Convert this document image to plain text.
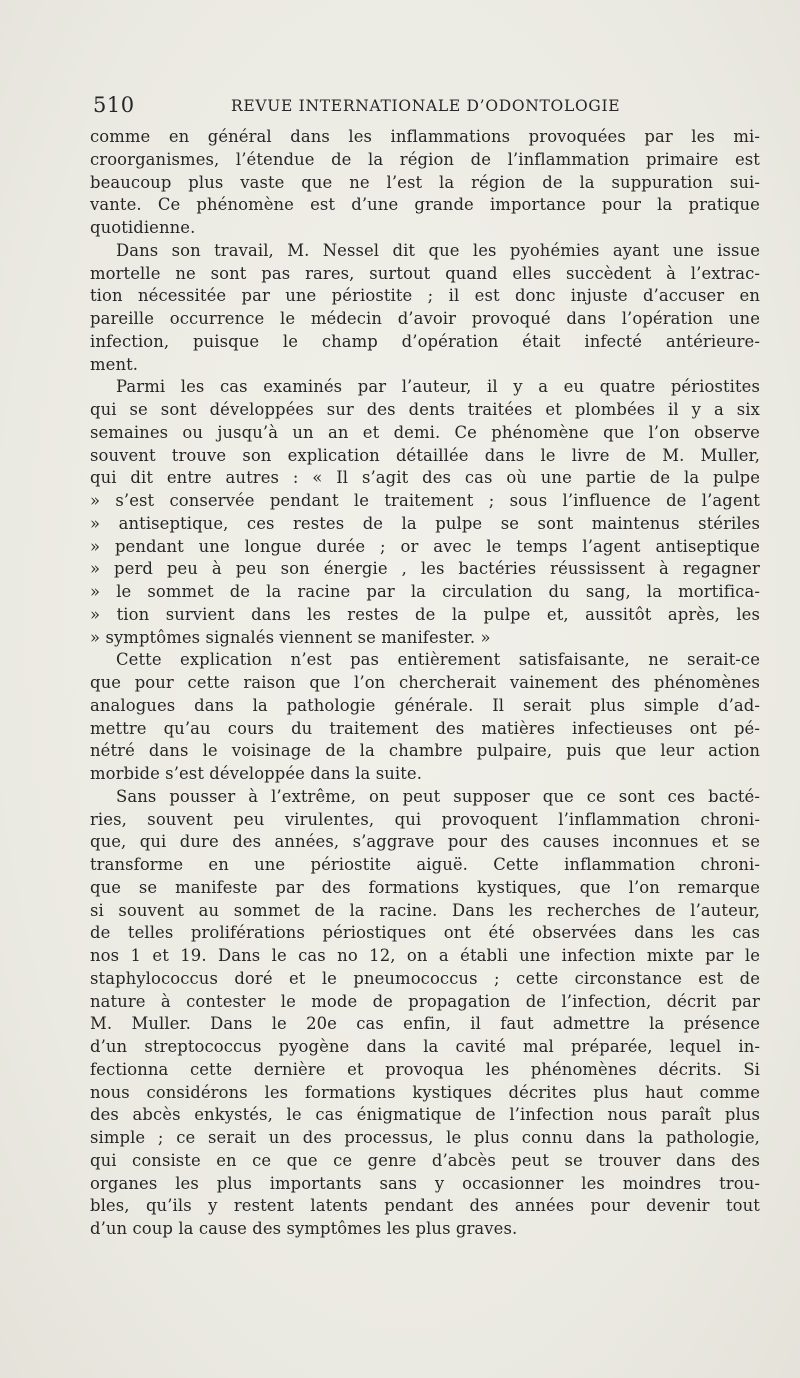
510	REVUE INTERNATIONALE D’ODONTOLOGIE
comme en général dans les inflammations provoquées par les mi-
croorganismes, l’étendue de la région de l’inflammation primaire est
beaucoup plus vaste que ne l’est la région de la suppuration sui-
vante. Ce phénomène est d’une grande importance pour la pratique
quotidienne.
Dans son travail, M. Nessel dit que les pyohémies ayant une issue
mortelle ne sont pas rares, surtout quand elles succèdent à l’extrac-
tion nécessitée par une périostite ; il est donc injuste d’accuser en
pareille occurrence le médecin d’avoir provoqué dans l’opération une
infection, puisque le champ d’opération était infecté antérieure-
ment.
Parmi les cas examinés par l’auteur, il y a eu quatre périostites
qui se sont développées sur des dents traitées et plombées il y a six
semaines ou jusqu’à un an et demi. Ce phénomène que l’on observe
souvent trouve son explication détaillée dans le livre de M. Muller,
qui dit entre autres : « Il s’agit des cas où une partie de la pulpe
» s’est conservée pendant le traitement ; sous l’influence de l’agent
» antiseptique, ces restes de la pulpe se sont maintenus stériles
» pendant une longue durée ; or avec le temps l’agent antiseptique
» perd peu à peu son énergie , les bactéries réussissent à regagner
» le sommet de la racine par la circulation du sang, la mortifica-
» tion survient dans les restes de la pulpe et, aussitôt après, les
» symptômes signalés viennent se manifester. »
Cette explication n’est pas entièrement satisfaisante, ne serait-ce
que pour cette raison que l’on chercherait vainement des phénomènes
analogues dans la pathologie générale. Il serait plus simple d’ad-
mettre qu’au cours du traitement des matières infectieuses ont pé-
nétré dans le voisinage de la chambre pulpaire, puis que leur action
morbide s’est développée dans la suite.
Sans pousser à l’extrême, on peut supposer que ce sont ces bacté-
ries, souvent peu virulentes, qui provoquent l’inflammation chroni-
que, qui dure des années, s’aggrave pour des causes inconnues et se
transforme en une périostite aiguë. Cette inflammation chroni-
que se manifeste par des formations kystiques, que l’on remarque
si souvent au sommet de la racine. Dans les recherches de l’auteur,
de telles proliférations périostiques ont été observées dans les cas
nos 1 et 19. Dans le cas no 12, on a établi une infection mixte par le
staphylococcus doré et le pneumococcus ; cette circonstance est de
nature à contester le mode de propagation de l’infection, décrit par
M. Muller. Dans le 20e cas enfin, il faut admettre la présence
d’un streptococcus pyogène dans la cavité mal préparée, lequel in-
fectionna cette dernière et provoqua les phénomènes décrits. Si
nous considérons les formations kystiques décrites plus haut comme
des abcès enkystés, le cas énigmatique de l’infection nous paraît plus
simple ; ce serait un des processus, le plus connu dans la pathologie,
qui consiste en ce que ce genre d’abcès peut se trouver dans des
organes les plus importants sans y occasionner les moindres trou-
bles, qu’ils y restent latents pendant des années pour devenir tout
d’un coup la cause des symptômes les plus graves.
